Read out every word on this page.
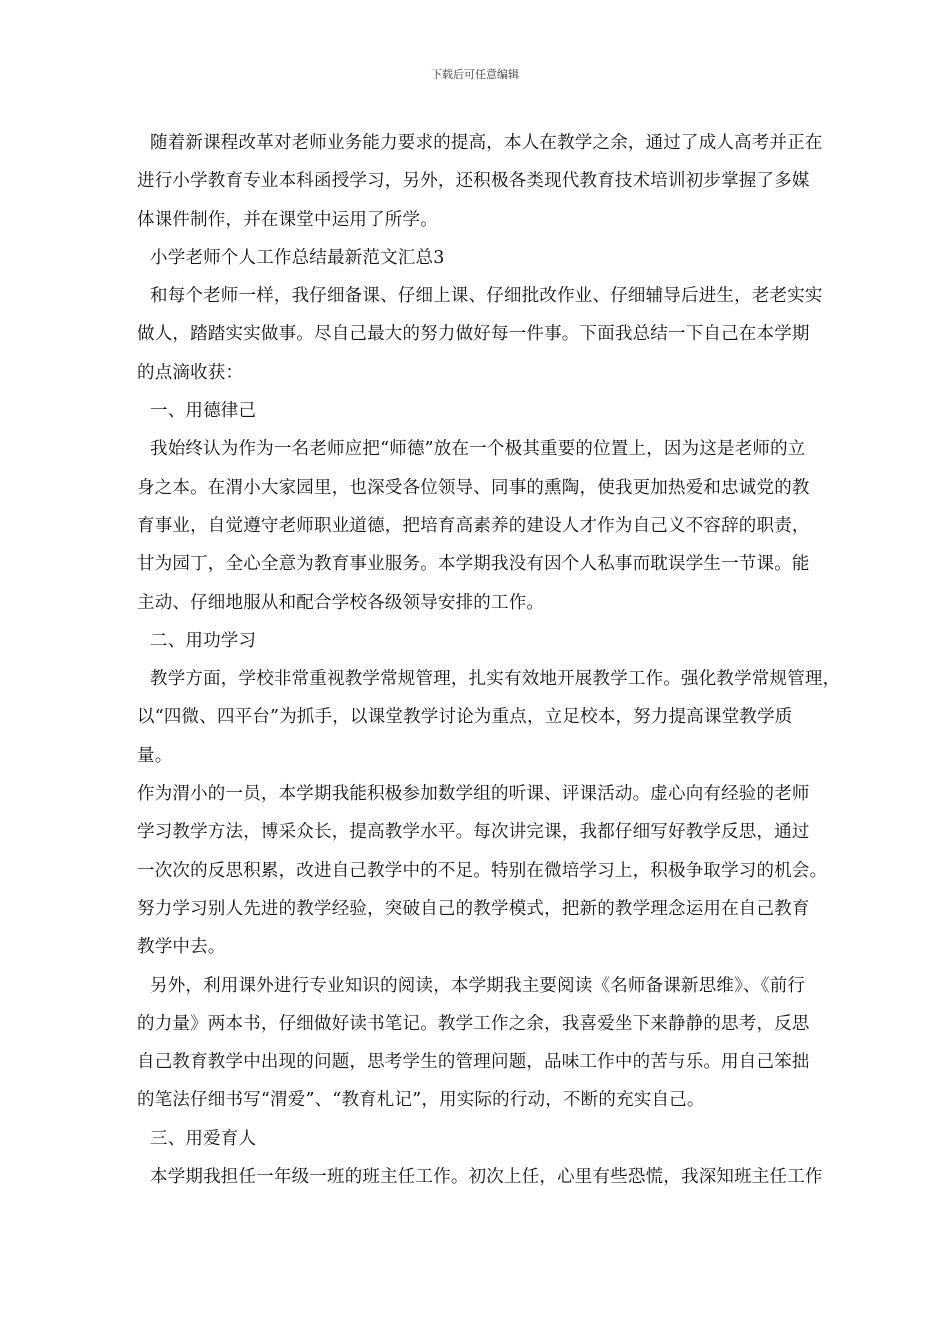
下载后可任意编辑
随着新课程改革对老师业务能力要求的提高，本人在教学之余，通过了成人高考并正在
进行小学教育专业本科函授学习，另外，还积极各类现代教育技术培训初步掌握了多媒
体课件制作，并在课堂中运用了所学。
小学老师个人工作总结最新范文汇总3
和每个老师一样，我仔细备课、仔细上课、仔细批改作业、仔细辅导后进生，老老实实
做人，踏踏实实做事。尽自己最大的努力做好每一件事。下面我总结一下自己在本学期
的点滴收获：
一、用德律己
我始终认为作为一名老师应把“师德”放在一个极其重要的位置上，因为这是老师的立
身之本。在渭小大家园里，也深受各位领导、同事的熏陶，使我更加热爱和忠诚党的教
育事业，自觉遵守老师职业道德，把培育高素养的建设人才作为自己义不容辞的职责，
甘为园丁，全心全意为教育事业服务。本学期我没有因个人私事而耽误学生一节课。能
主动、仔细地服从和配合学校各级领导安排的工作。
二、用功学习
教学方面，学校非常重视教学常规管理，扎实有效地开展教学工作。强化教学常规管理，
以“四微、四平台”为抓手，以课堂教学讨论为重点，立足校本，努力提高课堂教学质
量。
作为渭小的一员，本学期我能积极参加数学组的听课、评课活动。虚心向有经验的老师
学习教学方法，博采众长，提高教学水平。每次讲完课，我都仔细写好教学反思，通过
一次次的反思积累，改进自己教学中的不足。特别在微培学习上，积极争取学习的机会。
努力学习别人先进的教学经验，突破自己的教学模式，把新的教学理念运用在自己教育
教学中去。
另外，利用课外进行专业知识的阅读，本学期我主要阅读《名师备课新思维》、《前行
的力量》两本书，仔细做好读书笔记。教学工作之余，我喜爱坐下来静静的思考，反思
自己教育教学中出现的问题，思考学生的管理问题，品味工作中的苦与乐。用自己笨拙
的笔法仔细书写“渭爱”、“教育札记”，用实际的行动，不断的充实自己。
三、用爱育人
本学期我担任一年级一班的班主任工作。初次上任，心里有些恐慌，我深知班主任工作
